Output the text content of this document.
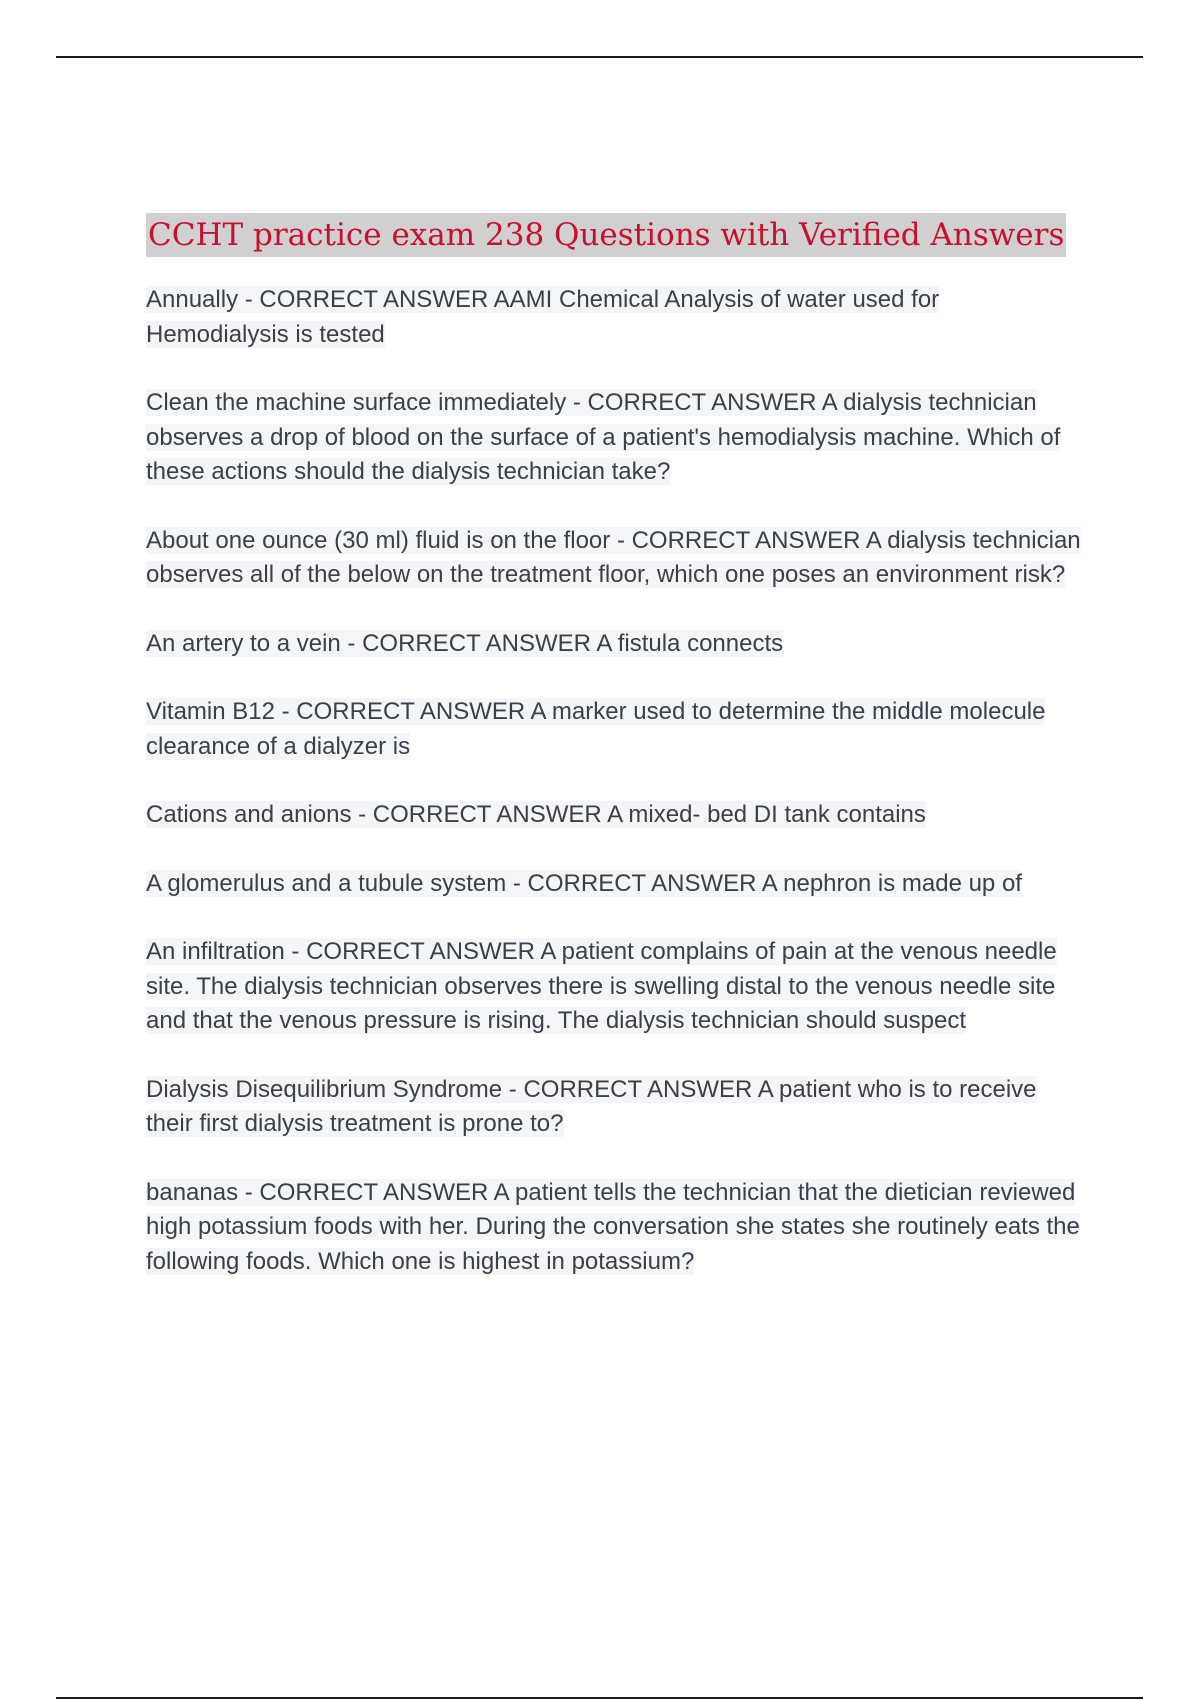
CCHT practice exam 238 Questions with Verified Answers

Annually - CORRECT ANSWER AAMI Chemical Analysis of water used for Hemodialysis is tested

Clean the machine surface immediately - CORRECT ANSWER A dialysis technician observes a drop of blood on the surface of a patient's hemodialysis machine. Which of these actions should the dialysis technician take?

About one ounce (30 ml) fluid is on the floor - CORRECT ANSWER A dialysis technician observes all of the below on the treatment floor, which one poses an environment risk?

An artery to a vein - CORRECT ANSWER A fistula connects

Vitamin B12 - CORRECT ANSWER A marker used to determine the middle molecule clearance of a dialyzer is

Cations and anions - CORRECT ANSWER A mixed- bed DI tank contains

A glomerulus and a tubule system - CORRECT ANSWER A nephron is made up of

An infiltration - CORRECT ANSWER A patient complains of pain at the venous needle site. The dialysis technician observes there is swelling distal to the venous needle site and that the venous pressure is rising. The dialysis technician should suspect

Dialysis Disequilibrium Syndrome - CORRECT ANSWER A patient who is to receive their first dialysis treatment is prone to?

bananas - CORRECT ANSWER A patient tells the technician that the dietician reviewed high potassium foods with her. During the conversation she states she routinely eats the following foods. Which one is highest in potassium?
